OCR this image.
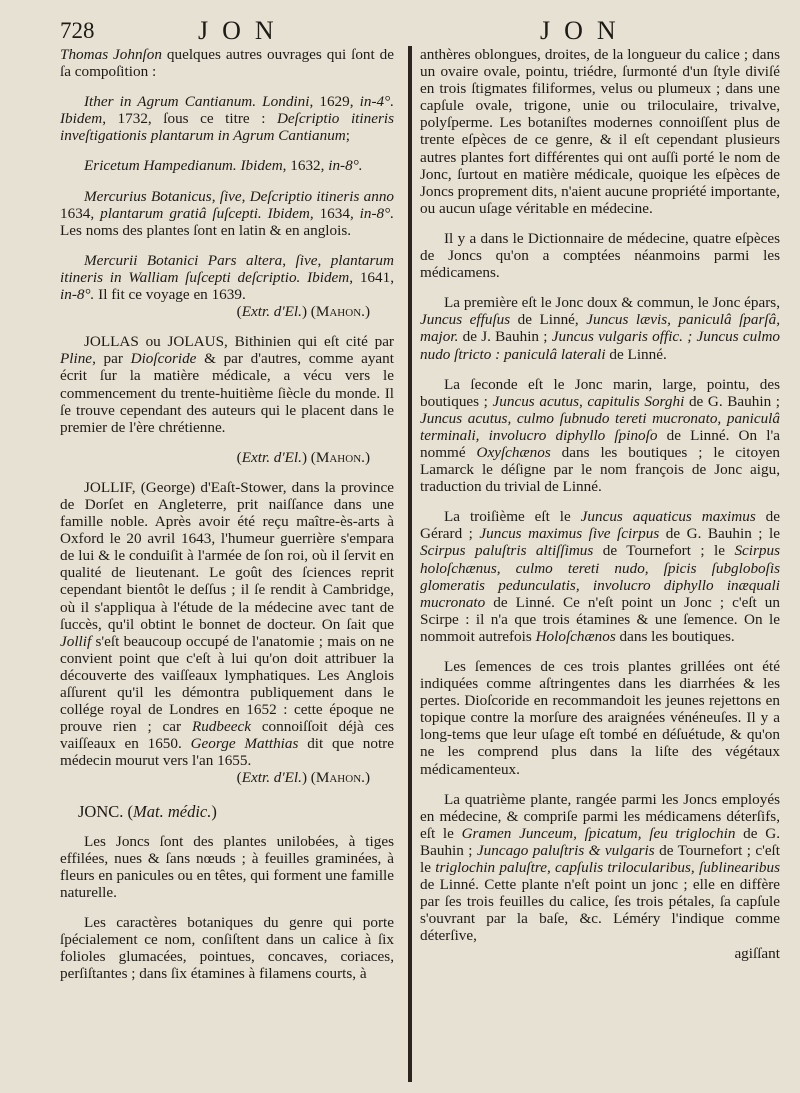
728	JON	JON

Thomas Johnſon quelques autres ouvrages qui ſont de ſa compoſition :

Ither in Agrum Cantianum. Londini, 1629, in-4°. Ibidem, 1732, ſous ce titre : Deſcriptio itineris inveſtigationis plantarum in Agrum Cantianum;

Ericetum Hampedianum. Ibidem, 1632, in-8°.

Mercurius Botanicus, ſive, Deſcriptio itineris anno 1634, plantarum gratiâ ſuſcepti. Ibidem, 1634, in-8°. Les noms des plantes ſont en latin & en anglois.

Mercurii Botanici Pars altera, ſive, plantarum itineris in Walliam ſuſcepti deſcriptio. Ibidem, 1641, in-8°. Il fit ce voyage en 1639.

(Extr. d'El.) (Mahon.)

JOLLAS ou JOLAUS, Bithinien qui eſt cité par Pline, par Dioſcoride & par d'autres, comme ayant écrit ſur la matière médicale, a vécu vers le commencement du trente-huitième ſiècle du monde. Il ſe trouve cependant des auteurs qui le placent dans le premier de l'ère chrétienne.

(Extr. d'El.) (Mahon.)

JOLLIF, (George) d'Eaſt-Stower, dans la province de Dorſet en Angleterre, prit naiſſance dans une famille noble. Après avoir été reçu maître-ès-arts à Oxford le 20 avril 1643, l'humeur guerrière s'empara de lui & le conduiſit à l'armée de ſon roi, où il ſervit en qualité de lieutenant. Le goût des ſciences reprit cependant bientôt le deſſus ; il ſe rendit à Cambridge, où il s'appliqua à l'étude de la médecine avec tant de ſuccès, qu'il obtint le bonnet de docteur. On ſait que Jollif s'eſt beaucoup occupé de l'anatomie ; mais on ne convient point que c'eſt à lui qu'on doit attribuer la découverte des vaiſſeaux lymphatiques. Les Anglois aſſurent qu'il les démontra publiquement dans le collége royal de Londres en 1652 : cette époque ne prouve rien ; car Rudbeeck connoiſſoit déjà ces vaiſſeaux en 1650. George Matthias dit que notre médecin mourut vers l'an 1655.

(Extr. d'El.) (Mahon.)

JONC. (Mat. médic.)

Les Joncs ſont des plantes unilobées, à tiges effilées, nues & ſans nœuds ; à feuilles graminées, à fleurs en panicules ou en têtes, qui forment une famille naturelle.

Les caractères botaniques du genre qui porte ſpécialement ce nom, conſiſtent dans un calice à ſix folioles glumacées, pointues, concaves, coriaces, perſiſtantes ; dans ſix étamines à filamens courts, à

anthères oblongues, droites, de la longueur du calice ; dans un ovaire ovale, pointu, triédre, ſurmonté d'un ſtyle diviſé en trois ſtigmates filiformes, velus ou plumeux ; dans une capſule ovale, trigone, unie ou triloculaire, trivalve, polyſperme. Les botaniſtes modernes connoiſſent plus de trente eſpèces de ce genre, & il eſt cependant plusieurs autres plantes fort différentes qui ont auſſi porté le nom de Jonc, ſurtout en matière médicale, quoique les eſpèces de Joncs proprement dits, n'aient aucune propriété importante, ou aucun uſage véritable en médecine.

Il y a dans le Dictionnaire de médecine, quatre eſpèces de Joncs qu'on a comptées néanmoins parmi les médicamens.

La première eſt le Jonc doux & commun, le Jonc épars, Juncus effuſus de Linné, Juncus lævis, paniculâ ſparſâ, major. de J. Bauhin ; Juncus vulgaris offic. ; Juncus culmo nudo ſtricto : paniculâ laterali de Linné.

La ſeconde eſt le Jonc marin, large, pointu, des boutiques ; Juncus acutus, capitulis Sorghi de G. Bauhin ; Juncus acutus, culmo ſubnudo tereti mucronato, paniculâ terminali, involucro diphyllo ſpinoſo de Linné. On l'a nommé Oxyſchænos dans les boutiques ; le citoyen Lamarck le déſigne par le nom françois de Jonc aigu, traduction du trivial de Linné.

La troiſième eſt le Juncus aquaticus maximus de Gérard ; Juncus maximus ſive ſcirpus de G. Bauhin ; le Scirpus paluſtris altiſſimus de Tournefort ; le Scirpus holoſchænus, culmo tereti nudo, ſpicis ſubgloboſis glomeratis pedunculatis, involucro diphyllo inæquali mucronato de Linné. Ce n'eſt point un Jonc ; c'eſt un Scirpe : il n'a que trois étamines & une ſemence. On le nommoit autrefois Holoſchænos dans les boutiques.

Les ſemences de ces trois plantes grillées ont été indiquées comme aſtringentes dans les diarrhées & les pertes. Dioſcoride en recommandoit les jeunes rejettons en topique contre la morſure des araignées vénéneuſes. Il y a long-tems que leur uſage eſt tombé en déſuétude, & qu'on ne les comprend plus dans la liſte des végétaux médicamenteux.

La quatrième plante, rangée parmi les Joncs employés en médecine, & compriſe parmi les médicamens déterſifs, eſt le Gramen Junceum, ſpicatum, ſeu triglochin de G. Bauhin ; Juncago paluſtris & vulgaris de Tournefort ; c'eſt le triglochin paluſtre, capſulis trilocularibus, ſublinearibus de Linné. Cette plante n'eſt point un jonc ; elle en diffère par ſes trois feuilles du calice, ſes trois pétales, ſa capſule s'ouvrant par la baſe, &c. Léméry l'indique comme déterſive,

agiſſant
